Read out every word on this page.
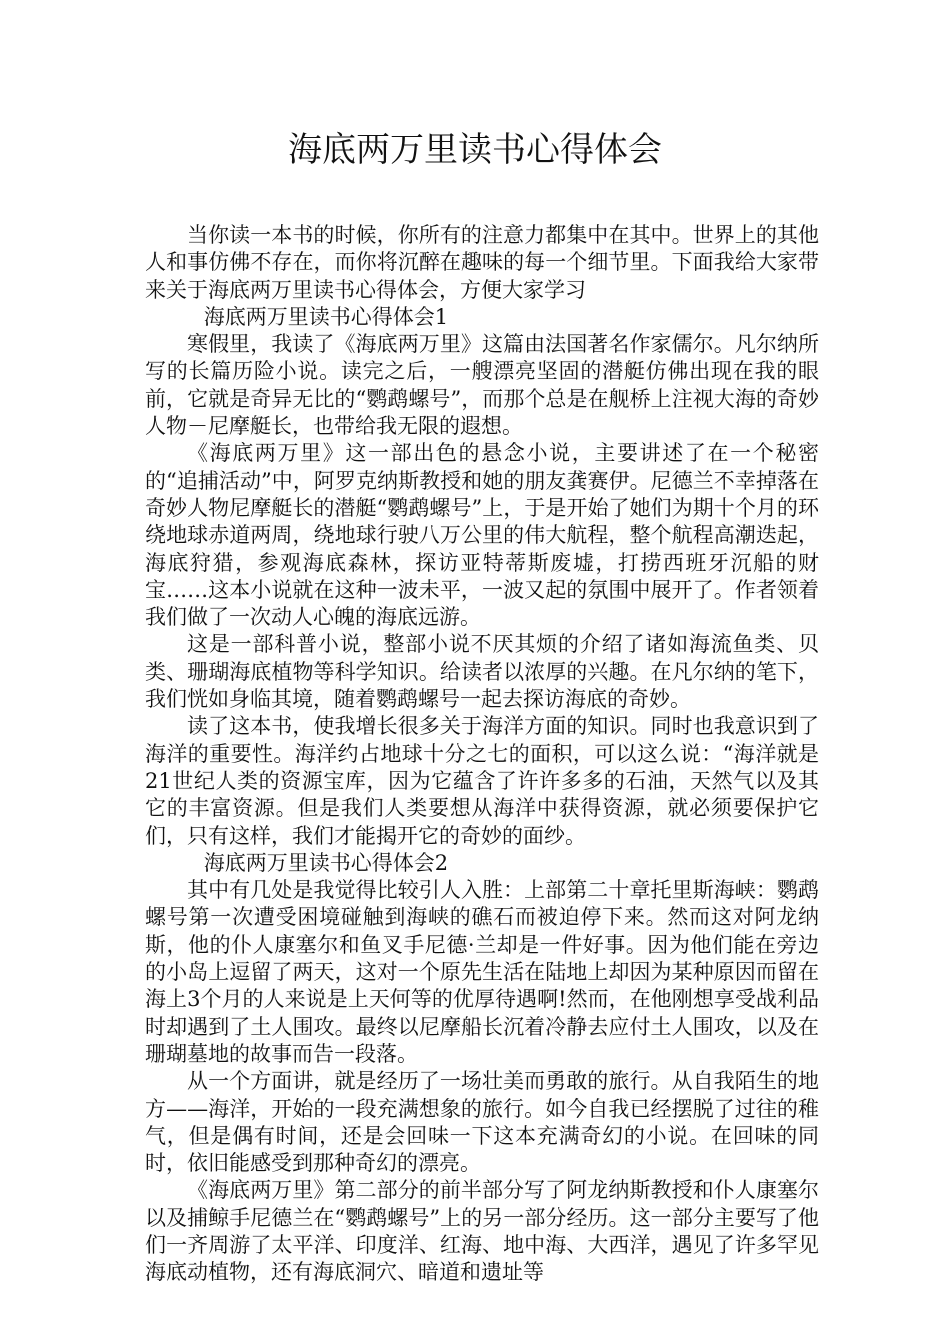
海底两万里读书心得体会

当你读一本书的时候，你所有的注意力都集中在其中。世界上的其他人和事仿佛不存在，而你将沉醉在趣味的每一个细节里。下面我给大家带来关于海底两万里读书心得体会，方便大家学习

海底两万里读书心得体会1

寒假里，我读了《海底两万里》这篇由法国著名作家儒尔。凡尔纳所写的长篇历险小说。读完之后，一艘漂亮坚固的潜艇仿佛出现在我的眼前，它就是奇异无比的“鹦鹉螺号”，而那个总是在舰桥上注视大海的奇妙人物－尼摩艇长，也带给我无限的遐想。

《海底两万里》这一部出色的悬念小说，主要讲述了在一个秘密的“追捕活动”中，阿罗克纳斯教授和她的朋友龚赛伊。尼德兰不幸掉落在奇妙人物尼摩艇长的潜艇“鹦鹉螺号”上，于是开始了她们为期十个月的环绕地球赤道两周，绕地球行驶八万公里的伟大航程，整个航程高潮迭起，海底狩猎，参观海底森林，探访亚特蒂斯废墟，打捞西班牙沉船的财宝……这本小说就在这种一波未平，一波又起的氛围中展开了。作者领着我们做了一次动人心魄的海底远游。

这是一部科普小说，整部小说不厌其烦的介绍了诸如海流鱼类、贝类、珊瑚海底植物等科学知识。给读者以浓厚的兴趣。在凡尔纳的笔下，我们恍如身临其境，随着鹦鹉螺号一起去探访海底的奇妙。

读了这本书，使我增长很多关于海洋方面的知识。同时也我意识到了海洋的重要性。海洋约占地球十分之七的面积，可以这么说：“海洋就是21世纪人类的资源宝库，因为它蕴含了许许多多的石油，天然气以及其它的丰富资源。但是我们人类要想从海洋中获得资源，就必须要保护它们，只有这样，我们才能揭开它的奇妙的面纱。

海底两万里读书心得体会2

其中有几处是我觉得比较引人入胜：上部第二十章托里斯海峡：鹦鹉螺号第一次遭受困境碰触到海峡的礁石而被迫停下来。然而这对阿龙纳斯，他的仆人康塞尔和鱼叉手尼德·兰却是一件好事。因为他们能在旁边的小岛上逗留了两天，这对一个原先生活在陆地上却因为某种原因而留在海上3个月的人来说是上天何等的优厚待遇啊!然而，在他刚想享受战利品时却遇到了土人围攻。最终以尼摩船长沉着冷静去应付土人围攻，以及在珊瑚墓地的故事而告一段落。

从一个方面讲，就是经历了一场壮美而勇敢的旅行。从自我陌生的地方——海洋，开始的一段充满想象的旅行。如今自我已经摆脱了过往的稚气，但是偶有时间，还是会回味一下这本充满奇幻的小说。在回味的同时，依旧能感受到那种奇幻的漂亮。

《海底两万里》第二部分的前半部分写了阿龙纳斯教授和仆人康塞尔以及捕鲸手尼德兰在“鹦鹉螺号”上的另一部分经历。这一部分主要写了他们一齐周游了太平洋、印度洋、红海、地中海、大西洋，遇见了许多罕见海底动植物，还有海底洞穴、暗道和遗址等
